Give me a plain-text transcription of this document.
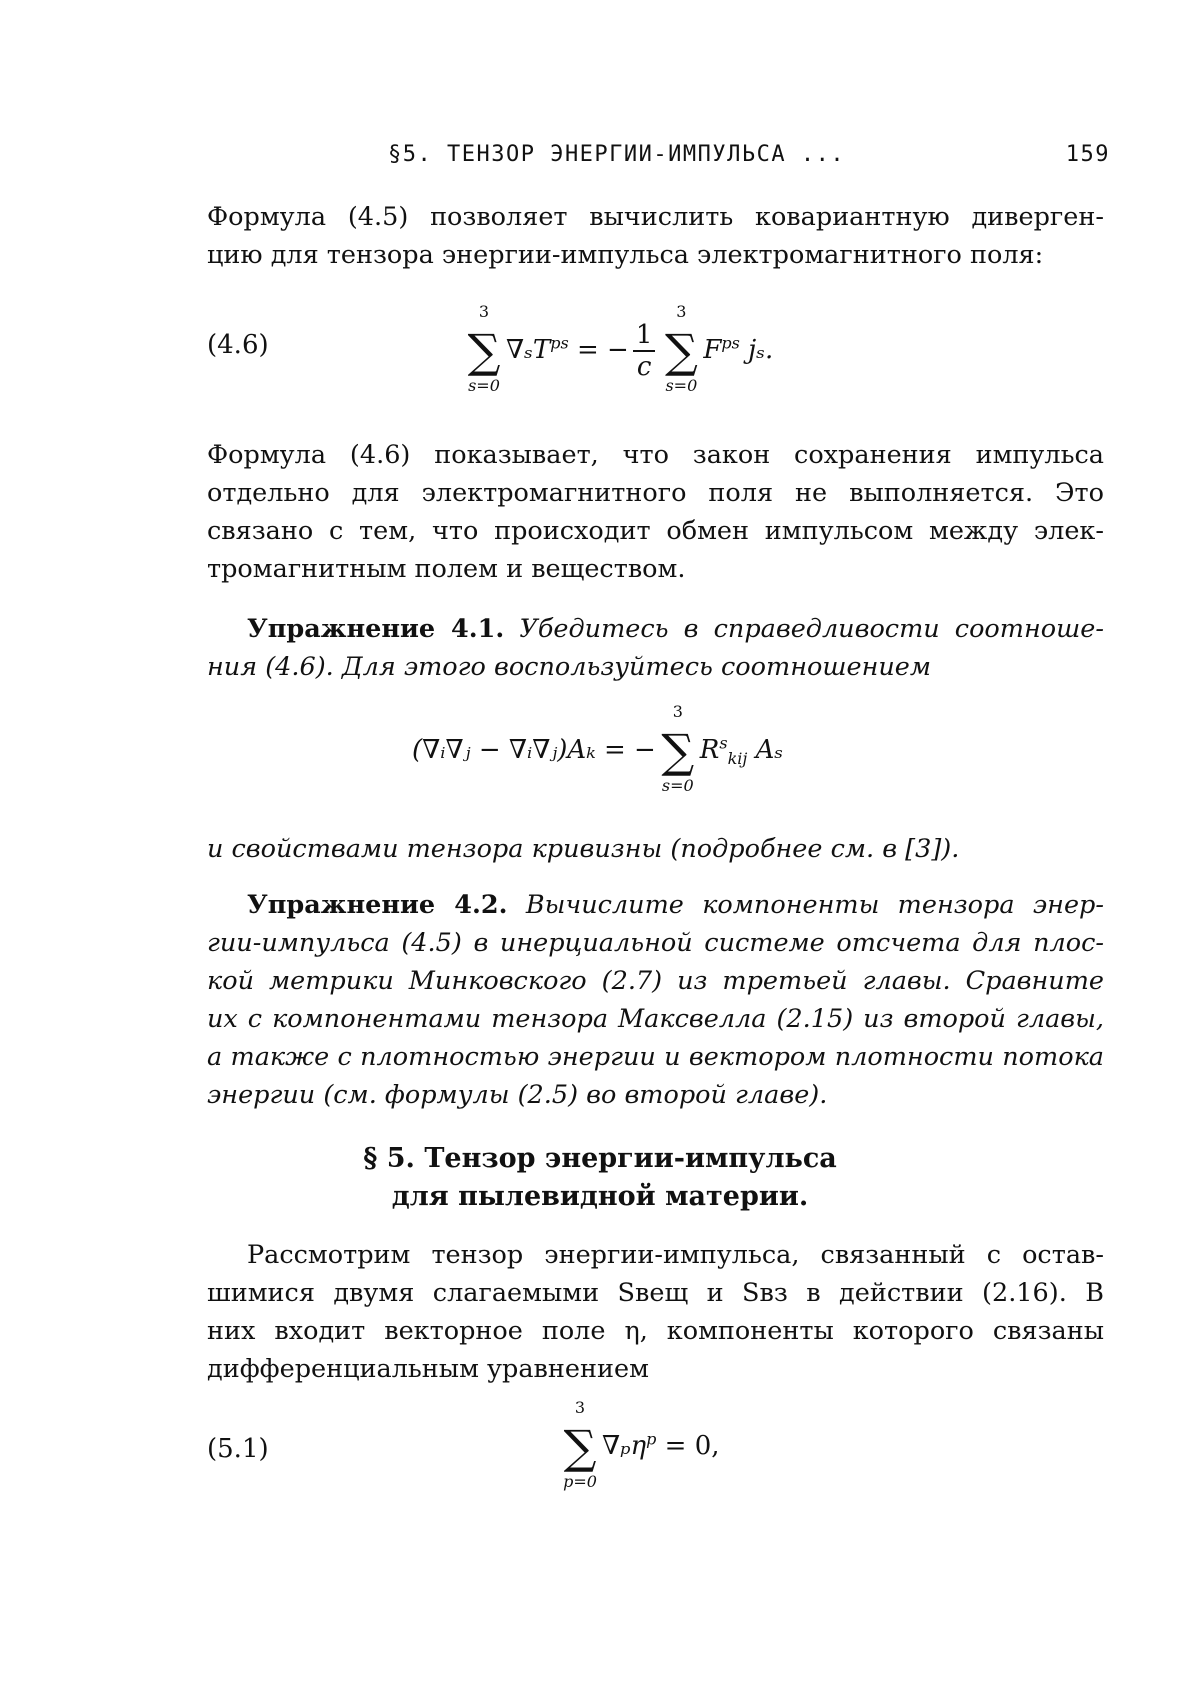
§5. ТЕНЗОР ЭНЕРГИИ-ИМПУЛЬСА ...	159
Формула (4.5) позволяет вычислить ковариантную диверген-
цию для тензора энергии-импульса электромагнитного поля:
(4.6)
3
∑
s=0
∇ₛT$^{ps}$ = − $\frac{1}{c}$
3
∑
s=0
$F^{ps}$ jₛ.
Формула (4.6) показывает, что закон сохранения импульса
отдельно для электромагнитного поля не выполняется. Это
связано с тем, что происходит обмен импульсом между элек-
тромагнитным полем и веществом.
Упражнение 4.1. Убедитесь в справедливости соотноше-
ния (4.6). Для этого воспользуйтесь соотношением
(∇ᵢ∇ⱼ − ∇ᵢ∇ⱼ)Aₖ = −
3
∑
s=0
$R^s_{kij}$ Aₛ
и свойствами тензора кривизны (подробнее см. в [3]).
Упражнение 4.2. Вычислите компоненты тензора энер-
гии-импульса (4.5) в инерциальной системе отсчета для плос-
кой метрики Минковского (2.7) из третьей главы. Сравните
их с компонентами тензора Максвелла (2.15) из второй главы,
а также с плотностью энергии и вектором плотности потока
энергии (см. формулы (2.5) во второй главе).
§ 5. Тензор энергии-импульса
для пылевидной материи.
Рассмотрим тензор энергии-импульса, связанный с остав-
шимися двумя слагаемыми Sвещ и Sвз в действии (2.16). В
них входит векторное поле η, компоненты которого связаны
дифференциальным уравнением
(5.1)
3
∑
p=0
∇ₚη$^p$ = 0,
